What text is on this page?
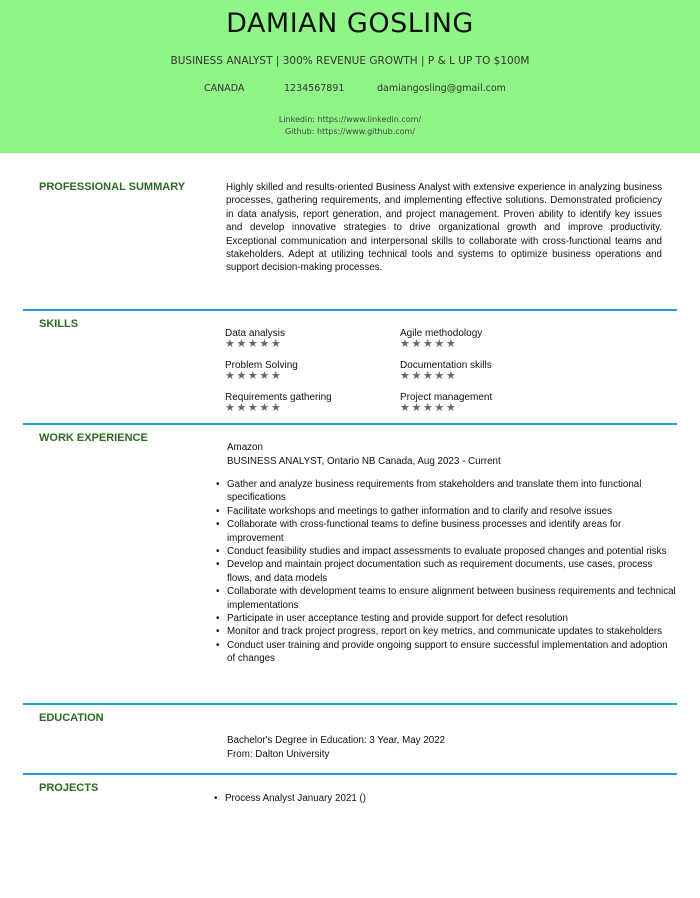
DAMIAN GOSLING
BUSINESS ANALYST | 300% REVENUE GROWTH | P & L UP TO $100M
CANADA	1234567891	damiangosling@gmail.com
Linkedin: https://www.linkedin.com/
Github: https://www.github.com/
PROFESSIONAL SUMMARY	Highly skilled and results-oriented Business Analyst with extensive experience in analyzing business processes, gathering requirements, and implementing effective solutions. Demonstrated proficiency in data analysis, report generation, and project management. Proven ability to identify key issues and develop innovative strategies to drive organizational growth and improve productivity. Exceptional communication and interpersonal skills to collaborate with cross-functional teams and stakeholders. Adept at utilizing technical tools and systems to optimize business operations and support decision-making processes.
SKILLS
Data analysis
★★★★★
Agile methodology
★★★★★
Problem Solving
★★★★★
Documentation skills
★★★★★
Requirements gathering
★★★★★
Project management
★★★★★
WORK EXPERIENCE
Amazon
BUSINESS ANALYST, Ontario NB Canada, Aug 2023 - Current
• Gather and analyze business requirements from stakeholders and translate them into functional specifications
• Facilitate workshops and meetings to gather information and to clarify and resolve issues
• Collaborate with cross-functional teams to define business processes and identify areas for improvement
• Conduct feasibility studies and impact assessments to evaluate proposed changes and potential risks
• Develop and maintain project documentation such as requirement documents, use cases, process flows, and data models
• Collaborate with development teams to ensure alignment between business requirements and technical implementations
• Participate in user acceptance testing and provide support for defect resolution
• Monitor and track project progress, report on key metrics, and communicate updates to stakeholders
• Conduct user training and provide ongoing support to ensure successful implementation and adoption of changes
EDUCATION
Bachelor's Degree in Education: 3 Year, May 2022
From: Dalton University
PROJECTS
• Process Analyst January 2021 ()
